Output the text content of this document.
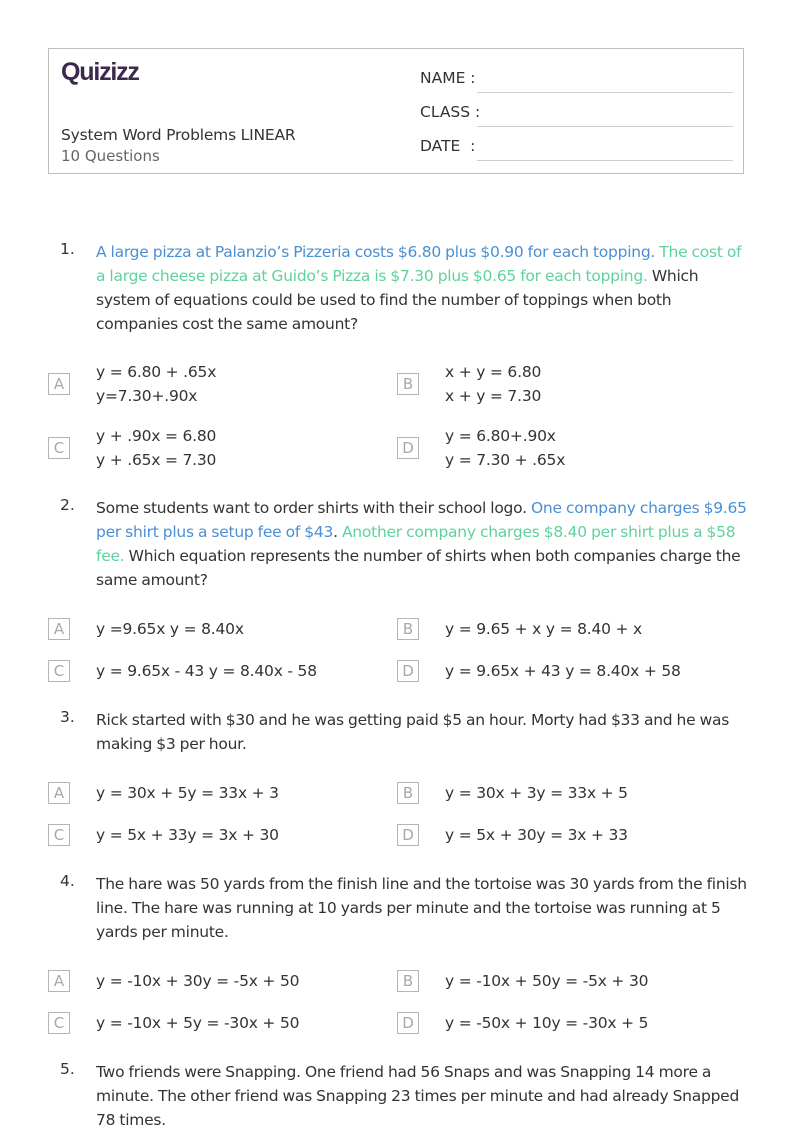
Quizizz
System Word Problems LINEAR
10 Questions
NAME :
CLASS :
DATE  :
1. A large pizza at Palanzio’s Pizzeria costs $6.80 plus $0.90 for each topping. The cost of a large cheese pizza at Guido’s Pizza is $7.30 plus $0.65 for each topping. Which system of equations could be used to find the number of toppings when both companies cost the same amount?
A
y = 6.80 + .65x
y=7.30+.90x
B
x + y = 6.80
x + y = 7.30
C
y + .90x = 6.80
y + .65x = 7.30
D
y = 6.80+.90x
y = 7.30 + .65x
2. Some students want to order shirts with their school logo. One company charges $9.65 per shirt plus a setup fee of $43. Another company charges $8.40 per shirt plus a $58 fee. Which equation represents the number of shirts when both companies charge the same amount?
A	y =9.65x y = 8.40x	B	y = 9.65 + x y = 8.40 + x
C	y = 9.65x - 43 y = 8.40x - 58	D	y = 9.65x + 43 y = 8.40x + 58
3. Rick started with $30 and he was getting paid $5 an hour. Morty had $33 and he was making $3 per hour.
A	y = 30x + 5y = 33x + 3	B	y = 30x + 3y = 33x + 5
C	y = 5x + 33y = 3x + 30	D	y = 5x + 30y = 3x + 33
4. The hare was 50 yards from the finish line and the tortoise was 30 yards from the finish line. The hare was running at 10 yards per minute and the tortoise was running at 5 yards per minute.
A	y = -10x + 30y = -5x + 50	B	y = -10x + 50y = -5x + 30
C	y = -10x + 5y = -30x + 50	D	y = -50x + 10y = -30x + 5
5. Two friends were Snapping. One friend had 56 Snaps and was Snapping 14 more a minute. The other friend was Snapping 23 times per minute and had already Snapped 78 times.
